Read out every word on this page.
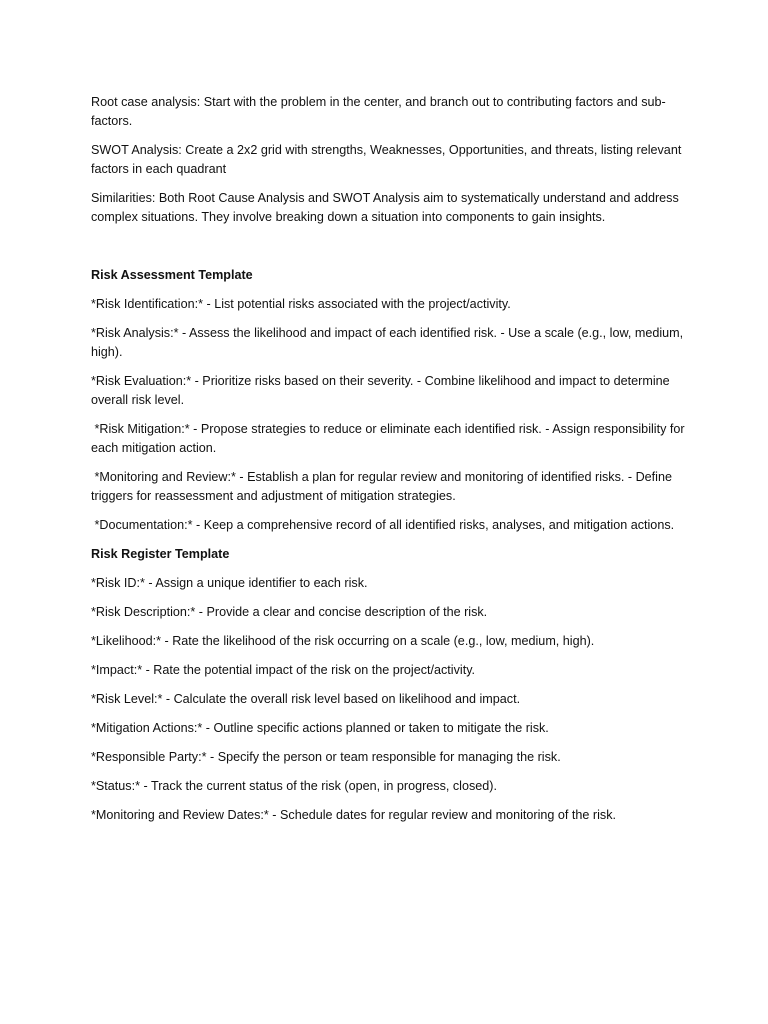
Root case analysis: Start with the problem in the center, and branch out to contributing factors and sub-factors.

SWOT Analysis: Create a 2x2 grid with strengths, Weaknesses, Opportunities, and threats, listing relevant factors in each quadrant

Similarities: Both Root Cause Analysis and SWOT Analysis aim to systematically understand and address complex situations. They involve breaking down a situation into components to gain insights.

Risk Assessment Template

*Risk Identification:* - List potential risks associated with the project/activity.

*Risk Analysis:* - Assess the likelihood and impact of each identified risk. - Use a scale (e.g., low, medium, high).

*Risk Evaluation:* - Prioritize risks based on their severity. - Combine likelihood and impact to determine overall risk level.

*Risk Mitigation:* - Propose strategies to reduce or eliminate each identified risk. - Assign responsibility for each mitigation action.

*Monitoring and Review:* - Establish a plan for regular review and monitoring of identified risks. - Define triggers for reassessment and adjustment of mitigation strategies.

*Documentation:* - Keep a comprehensive record of all identified risks, analyses, and mitigation actions.

Risk Register Template

*Risk ID:* - Assign a unique identifier to each risk.

*Risk Description:* - Provide a clear and concise description of the risk.

*Likelihood:* - Rate the likelihood of the risk occurring on a scale (e.g., low, medium, high).

*Impact:* - Rate the potential impact of the risk on the project/activity.

*Risk Level:* - Calculate the overall risk level based on likelihood and impact.

*Mitigation Actions:* - Outline specific actions planned or taken to mitigate the risk.

*Responsible Party:* - Specify the person or team responsible for managing the risk.

*Status:* - Track the current status of the risk (open, in progress, closed).

*Monitoring and Review Dates:* - Schedule dates for regular review and monitoring of the risk.
